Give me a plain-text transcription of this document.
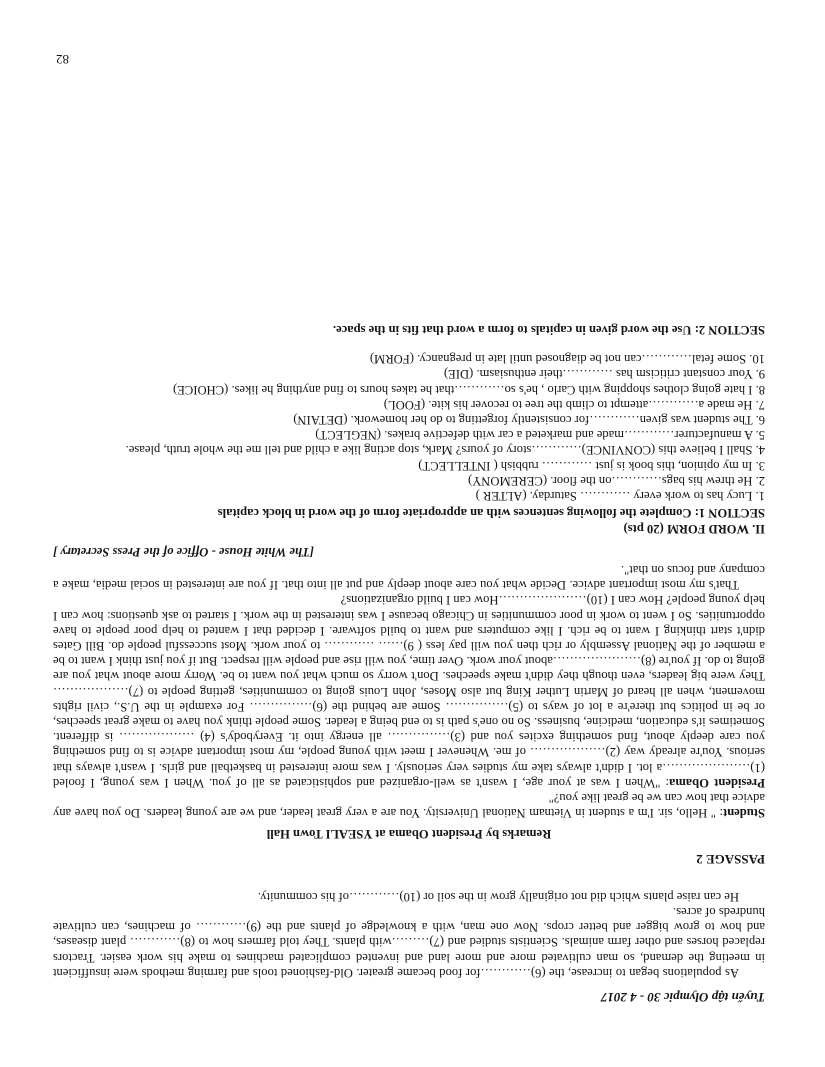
Tuyển tập Olympic 30 - 4 2017

As populations began to increase, the (6)…………for food became greater. Old-fashioned tools and farming methods were insufficient in meeting the demand, so man cultivated more and more land and invented complicated machines to make his work easier. Tractors replaced horses and other farm animals. Scientists studied and (7)………with plants. They told farmers how to (8)………… plant diseases, and how to grow bigger and better crops. Now one man, with a knowledge of plants and the (9)………… of machines, can cultivate hundreds of acres.

He can raise plants which did not originally grow in the soil or (10)…………of his community.

PASSAGE 2
Remarks by President Obama at YSEALI Town Hall

Student: " Hello, sir. I'm a student in Vietnam National University. You are a very great leader, and we are young leaders. Do you have any advice that how can we be great like you?"

President Obama: "When I was at your age, I wasn't as well-organized and sophisticated as all of you. When I was young, I fooled (1)…………………a lot. I didn't always take my studies very seriously. I was more interested in basketball and girls. I wasn't always that serious. You're already way (2)……………… of me. Whenever I meet with young people, my most important advice is to find something you care deeply about, find something excites you and (3)…………… all energy into it. Everybody's (4) ……………… is different. Sometimes it's education, medicine, business. So no one's path is to end being a leader. Some people think you have to make great speeches, or be in politics but there're a lot of ways to (5)…………… Some are behind the (6)…………… For example in the U.S., civil rights movement, when all heard of Martin Luther King but also Moses, John Louis going to communities, getting people to (7)……………… They were big leaders, even though they didn't make speeches. Don't worry so much what you want to be. Worry more about what you are going to do. If you're (8)…………………about your work. Over time, you will rise and people will respect. But if you just think I want to be a member of the National Assembly or rich then you will pay less ( 9)…… ………… to your work. Most successful people do. Bill Gates didn't start thinking I want to be rich. I like computers and want to build software. I decided that I wanted to help poor people to have opportunities. So I went to work in poor communities in Chicago because I was interested in the work. I started to ask questions: how can I help young people? How can I (10)…………………How can I build organizations?

That's my most important advice. Decide what you care about deeply and put all into that. If you are interested in social media, make a company and focus on that".

[The White House - Office of the Press Secretary ]
II. WORD FORM (20 pts)
SECTION 1: Complete the following sentences with an appropriate form of the word in block capitals

1. Lucy has to work every ………… Saturday. (ALTER )

2. He threw his bags…………on the floor. (CEREMONY)

3. In my opinion, this book is just ………… rubbish ( INTELLECT)

4. Shall I believe this (CONVINCE)…………story of yours? Mark, stop acting like a child and tell me the whole truth, please.

5. A manufacturer…………made and marketed a car with defective brakes. (NEGLECT)

6. The student was given…………for consistently forgetting to do her homework. (DETAIN)

7. He made a…………attempt to climb the tree to recover his kite. (FOOL)

8. I hate going clothes shopping with Carlo , he's so…………that he takes hours to find anything he likes. (CHOICE)

9. Your constant criticism has …………their enthusiasm. (DIE)

10. Some fetal…………can not be diagnosed until late in pregnancy. (FORM)

SECTION 2: Use the word given in capitals to form a word that fits in the space.
82
